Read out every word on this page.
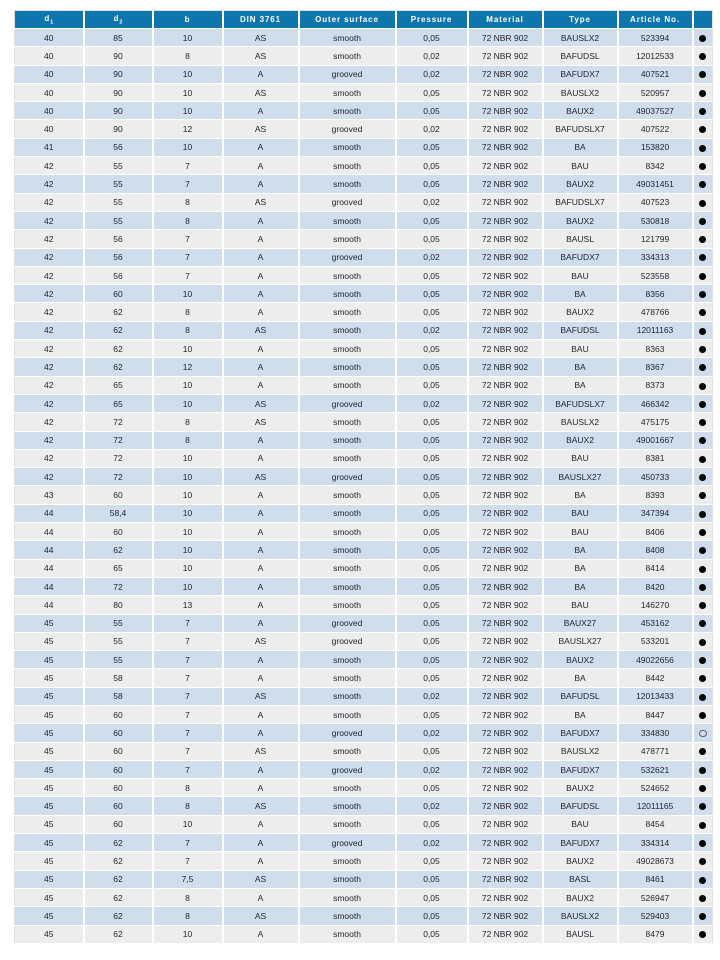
$d_1$	$d_2$	b	DIN 3761	Outer surface	Pressure	Material	Type	Article No.	
40	85	10	AS	smooth	0,05	72 NBR 902	BAUSLX2	523394	
40	90	8	AS	smooth	0,02	72 NBR 902	BAFUDSL	12012533	
40	90	10	A	grooved	0,02	72 NBR 902	BAFUDX7	407521	
40	90	10	AS	smooth	0,05	72 NBR 902	BAUSLX2	520957	
40	90	10	A	smooth	0,05	72 NBR 902	BAUX2	49037527	
40	90	12	AS	grooved	0,02	72 NBR 902	BAFUDSLX7	407522	
41	56	10	A	smooth	0,05	72 NBR 902	BA	153820	
42	55	7	A	smooth	0,05	72 NBR 902	BAU	8342	
42	55	7	A	smooth	0,05	72 NBR 902	BAUX2	49031451	
42	55	8	AS	grooved	0,02	72 NBR 902	BAFUDSLX7	407523	
42	55	8	A	smooth	0,05	72 NBR 902	BAUX2	530818	
42	56	7	A	smooth	0,05	72 NBR 902	BAUSL	121799	
42	56	7	A	grooved	0,02	72 NBR 902	BAFUDX7	334313	
42	56	7	A	smooth	0,05	72 NBR 902	BAU	523558	
42	60	10	A	smooth	0,05	72 NBR 902	BA	8356	
42	62	8	A	smooth	0,05	72 NBR 902	BAUX2	478766	
42	62	8	AS	smooth	0,02	72 NBR 902	BAFUDSL	12011163	
42	62	10	A	smooth	0,05	72 NBR 902	BAU	8363	
42	62	12	A	smooth	0,05	72 NBR 902	BA	8367	
42	65	10	A	smooth	0,05	72 NBR 902	BA	8373	
42	65	10	AS	grooved	0,02	72 NBR 902	BAFUDSLX7	466342	
42	72	8	AS	smooth	0,05	72 NBR 902	BAUSLX2	475175	
42	72	8	A	smooth	0,05	72 NBR 902	BAUX2	49001667	
42	72	10	A	smooth	0,05	72 NBR 902	BAU	8381	
42	72	10	AS	grooved	0,05	72 NBR 902	BAUSLX27	450733	
43	60	10	A	smooth	0,05	72 NBR 902	BA	8393	
44	58,4	10	A	smooth	0,05	72 NBR 902	BAU	347394	
44	60	10	A	smooth	0,05	72 NBR 902	BAU	8406	
44	62	10	A	smooth	0,05	72 NBR 902	BA	8408	
44	65	10	A	smooth	0,05	72 NBR 902	BA	8414	
44	72	10	A	smooth	0,05	72 NBR 902	BA	8420	
44	80	13	A	smooth	0,05	72 NBR 902	BAU	146270	
45	55	7	A	grooved	0,05	72 NBR 902	BAUX27	453162	
45	55	7	AS	grooved	0,05	72 NBR 902	BAUSLX27	533201	
45	55	7	A	smooth	0,05	72 NBR 902	BAUX2	49022656	
45	58	7	A	smooth	0,05	72 NBR 902	BA	8442	
45	58	7	AS	smooth	0,02	72 NBR 902	BAFUDSL	12013433	
45	60	7	A	smooth	0,05	72 NBR 902	BA	8447	
45	60	7	A	grooved	0,02	72 NBR 902	BAFUDX7	334830	
45	60	7	AS	smooth	0,05	72 NBR 902	BAUSLX2	478771	
45	60	7	A	grooved	0,02	72 NBR 902	BAFUDX7	532621	
45	60	8	A	smooth	0,05	72 NBR 902	BAUX2	524652	
45	60	8	AS	smooth	0,02	72 NBR 902	BAFUDSL	12011165	
45	60	10	A	smooth	0,05	72 NBR 902	BAU	8454	
45	62	7	A	grooved	0,02	72 NBR 902	BAFUDX7	334314	
45	62	7	A	smooth	0,05	72 NBR 902	BAUX2	49028673	
45	62	7,5	AS	smooth	0,05	72 NBR 902	BASL	8461	
45	62	8	A	smooth	0,05	72 NBR 902	BAUX2	526947	
45	62	8	AS	smooth	0,05	72 NBR 902	BAUSLX2	529403	
45	62	10	A	smooth	0,05	72 NBR 902	BAUSL	8479	
